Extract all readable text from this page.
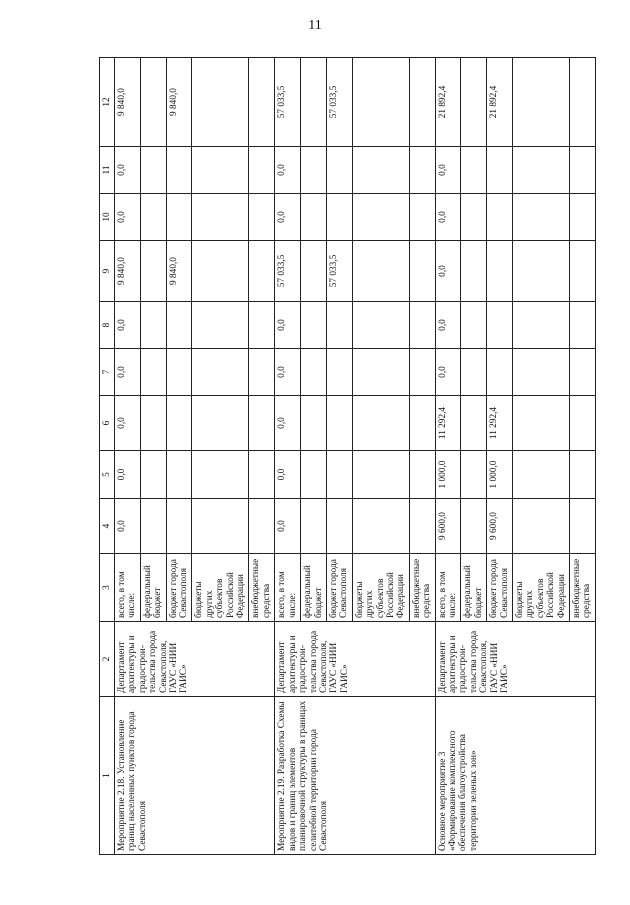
11
1	2	3	4	5	6	7	8	9	10	11	12
Мероприятие 2.18. Установление границ населенных пунктов города Севастополя	Департамент архитектуры и градострои-тельства города Севастополя, ГАУС «НИИ ГАИС»	всего, в том числе:	0,0	0,0	0,0	0,0	0,0	9 840,0	0,0	0,0	9 840,0
		федеральный бюджет									
		бюджет города Севастополя						9 840,0			9 840,0
		бюджеты других субъектов Российской Федерации									
		внебюджетные средства									
Мероприятие 2.19. Разработка Схемы видов и границ элементов планировочной структуры в границах селитебной территории города Севастополя	Департамент архитектуры и градострои-тельства города Севастополя, ГАУС «НИИ ГАИС»	всего, в том числе:	0,0	0,0	0,0	0,0	0,0	57 033,5	0,0	0,0	57 033,5
		федеральный бюджет									
		бюджет города Севастополя						57 033,5			57 033,5
		бюджеты других субъектов Российской Федерации									
		внебюджетные средства									
Основное мероприятие 3 «Формирование комплексного обеспечения благоустройства территории зеленых зон»	Департамент архитектуры и градострои-тельства города Севастополя, ГАУС «НИИ ГАИС»	всего, в том числе:	9 600,0	1 000,0	11 292,4	0,0	0,0	0,0	0,0	0,0	21 892,4
		федеральный бюджет									
		бюджет города Севастополя	9 600,0	1 000,0	11 292,4						21 892,4
		бюджеты других субъектов Российской Федерации									
		внебюджетные средства									
